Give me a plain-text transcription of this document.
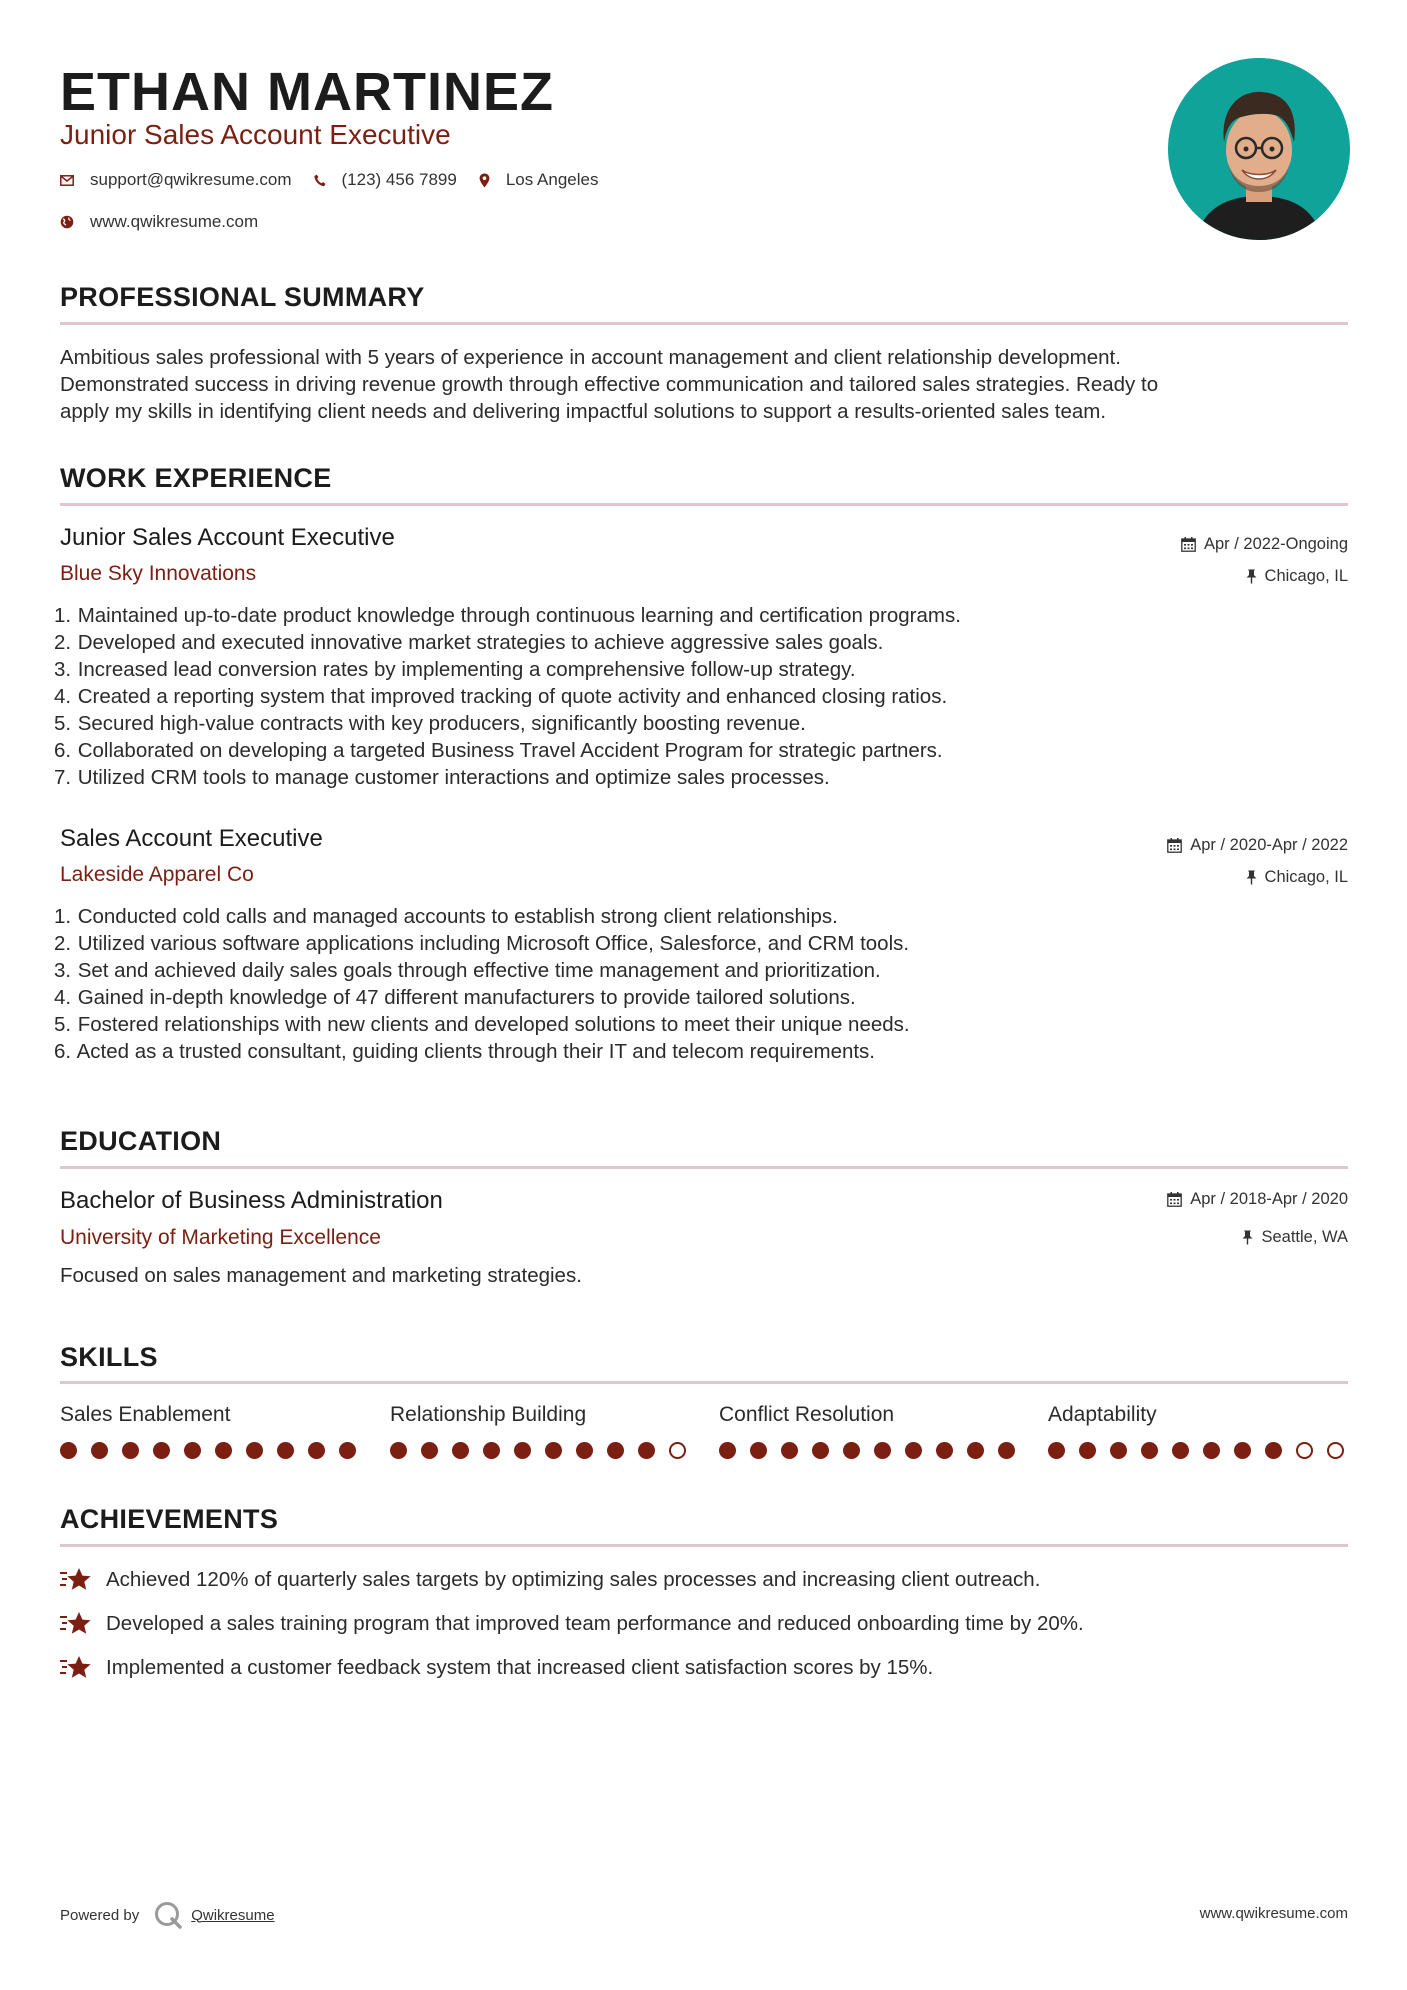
ETHAN MARTINEZ
Junior Sales Account Executive
support@qwikresume.com	(123) 456 7899	Los Angeles
www.qwikresume.com
PROFESSIONAL SUMMARY
Ambitious sales professional with 5 years of experience in account management and client relationship development.
Demonstrated success in driving revenue growth through effective communication and tailored sales strategies. Ready to
apply my skills in identifying client needs and delivering impactful solutions to support a results-oriented sales team.
WORK EXPERIENCE
Junior Sales Account Executive
Blue Sky Innovations
Apr / 2022-Ongoing
Chicago, IL
1. Maintained up-to-date product knowledge through continuous learning and certification programs.
2. Developed and executed innovative market strategies to achieve aggressive sales goals.
3. Increased lead conversion rates by implementing a comprehensive follow-up strategy.
4. Created a reporting system that improved tracking of quote activity and enhanced closing ratios.
5. Secured high-value contracts with key producers, significantly boosting revenue.
6. Collaborated on developing a targeted Business Travel Accident Program for strategic partners.
7. Utilized CRM tools to manage customer interactions and optimize sales processes.
Sales Account Executive
Lakeside Apparel Co
Apr / 2020-Apr / 2022
Chicago, IL
1. Conducted cold calls and managed accounts to establish strong client relationships.
2. Utilized various software applications including Microsoft Office, Salesforce, and CRM tools.
3. Set and achieved daily sales goals through effective time management and prioritization.
4. Gained in-depth knowledge of 47 different manufacturers to provide tailored solutions.
5. Fostered relationships with new clients and developed solutions to meet their unique needs.
6. Acted as a trusted consultant, guiding clients through their IT and telecom requirements.
EDUCATION
Bachelor of Business Administration
University of Marketing Excellence
Apr / 2018-Apr / 2020
Seattle, WA
Focused on sales management and marketing strategies.
SKILLS
Sales Enablement	Relationship Building	Conflict Resolution	Adaptability
ACHIEVEMENTS
Achieved 120% of quarterly sales targets by optimizing sales processes and increasing client outreach.
Developed a sales training program that improved team performance and reduced onboarding time by 20%.
Implemented a customer feedback system that increased client satisfaction scores by 15%.
Powered by	Qwikresume	www.qwikresume.com
